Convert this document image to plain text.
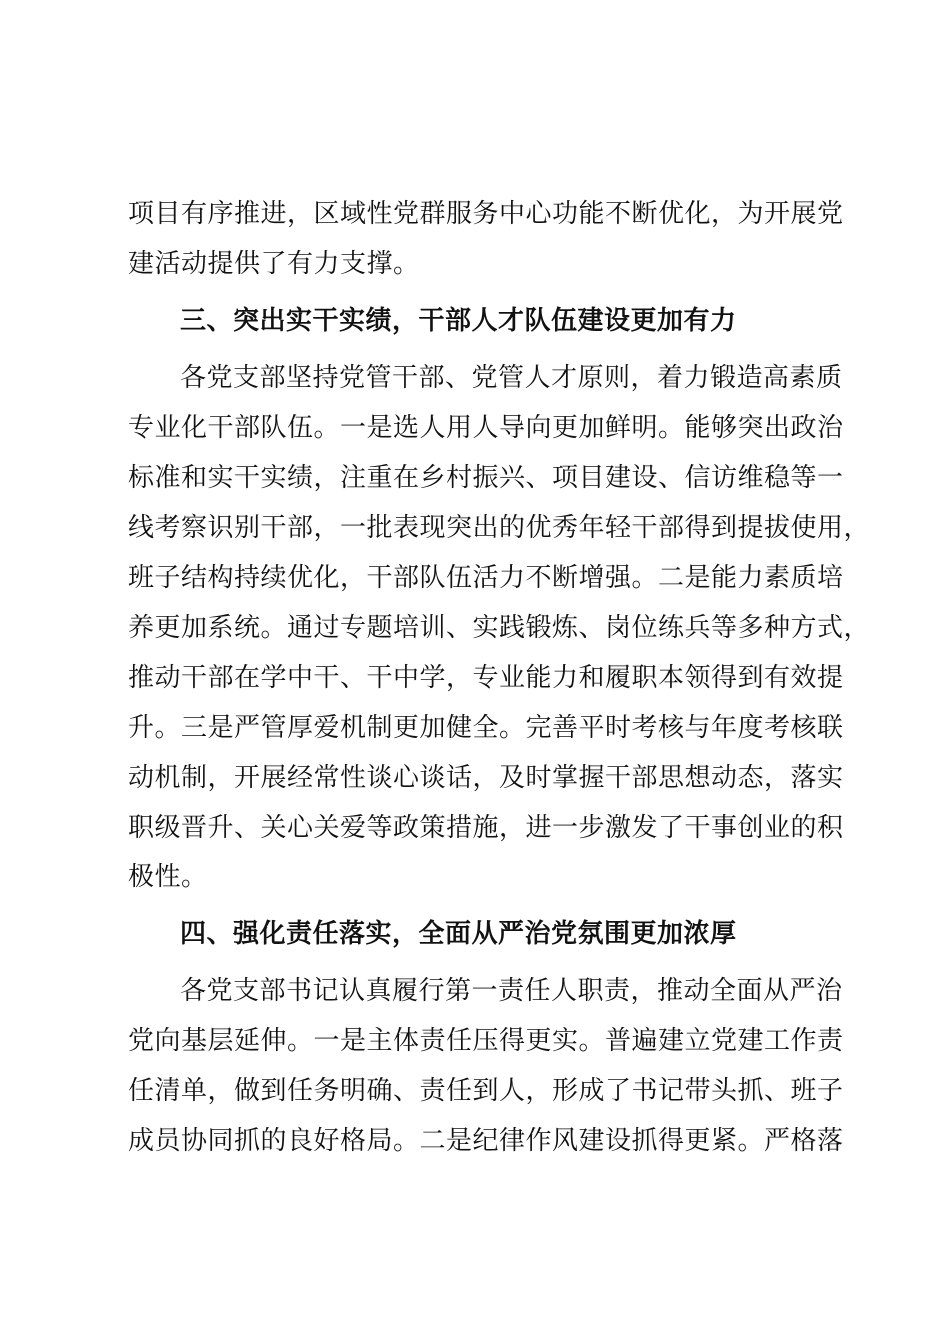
项目有序推进，区域性党群服务中心功能不断优化，为开展党
建活动提供了有力支撑。
三、突出实干实绩，干部人才队伍建设更加有力
各党支部坚持党管干部、党管人才原则，着力锻造高素质
专业化干部队伍。一是选人用人导向更加鲜明。能够突出政治
标准和实干实绩，注重在乡村振兴、项目建设、信访维稳等一
线考察识别干部，一批表现突出的优秀年轻干部得到提拔使用，
班子结构持续优化，干部队伍活力不断增强。二是能力素质培
养更加系统。通过专题培训、实践锻炼、岗位练兵等多种方式，
推动干部在学中干、干中学，专业能力和履职本领得到有效提
升。三是严管厚爱机制更加健全。完善平时考核与年度考核联
动机制，开展经常性谈心谈话，及时掌握干部思想动态，落实
职级晋升、关心关爱等政策措施，进一步激发了干事创业的积
极性。
四、强化责任落实，全面从严治党氛围更加浓厚
各党支部书记认真履行第一责任人职责，推动全面从严治
党向基层延伸。一是主体责任压得更实。普遍建立党建工作责
任清单，做到任务明确、责任到人，形成了书记带头抓、班子
成员协同抓的良好格局。二是纪律作风建设抓得更紧。严格落
